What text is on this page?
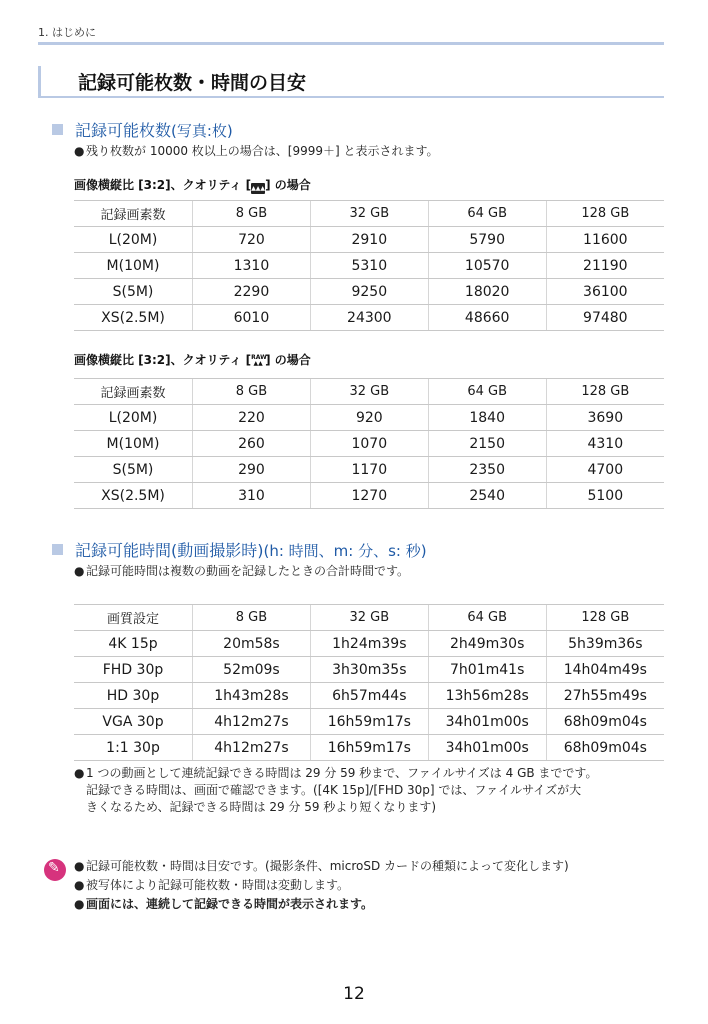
1. はじめに
記録可能枚数・時間の目安
記録可能枚数(写真:枚)
● 残り枚数が 10000 枚以上の場合は、[9999＋] と表示されます。
画像横縦比 [3:2]、クオリティ [▲▲▲] の場合
記録画素数	8 GB	32 GB	64 GB	128 GB
L(20M)	720	2910	5790	11600
M(10M)	1310	5310	10570	21190
S(5M)	2290	9250	18020	36100
XS(2.5M)	6010	24300	48660	97480
画像横縦比 [3:2]、クオリティ [RAW
▲▲ ] の場合
記録画素数	8 GB	32 GB	64 GB	128 GB
L(20M)	220	920	1840	3690
M(10M)	260	1070	2150	4310
S(5M)	290	1170	2350	4700
XS(2.5M)	310	1270	2540	5100
記録可能時間(動画撮影時)(h: 時間、m: 分、s: 秒)
● 記録可能時間は複数の動画を記録したときの合計時間です。
画質設定	8 GB	32 GB	64 GB	128 GB
4K 15p	20m58s	1h24m39s	2h49m30s	5h39m36s
FHD 30p	52m09s	3h30m35s	7h01m41s	14h04m49s
HD 30p	1h43m28s	6h57m44s	13h56m28s	27h55m49s
VGA 30p	4h12m27s	16h59m17s	34h01m00s	68h09m04s
1:1 30p	4h12m27s	16h59m17s	34h01m00s	68h09m04s
● 1 つの動画として連続記録できる時間は 29 分 59 秒まで、ファイルサイズは 4 GB までです。
記録できる時間は、画面で確認できます。([4K 15p]/[FHD 30p] では、ファイルサイズが大
きくなるため、記録できる時間は 29 分 59 秒より短くなります)
✎
● 記録可能枚数・時間は目安です。(撮影条件、microSD カードの種類によって変化します)
● 被写体により記録可能枚数・時間は変動します。
● 画面には、連続して記録できる時間が表示されます。
12
